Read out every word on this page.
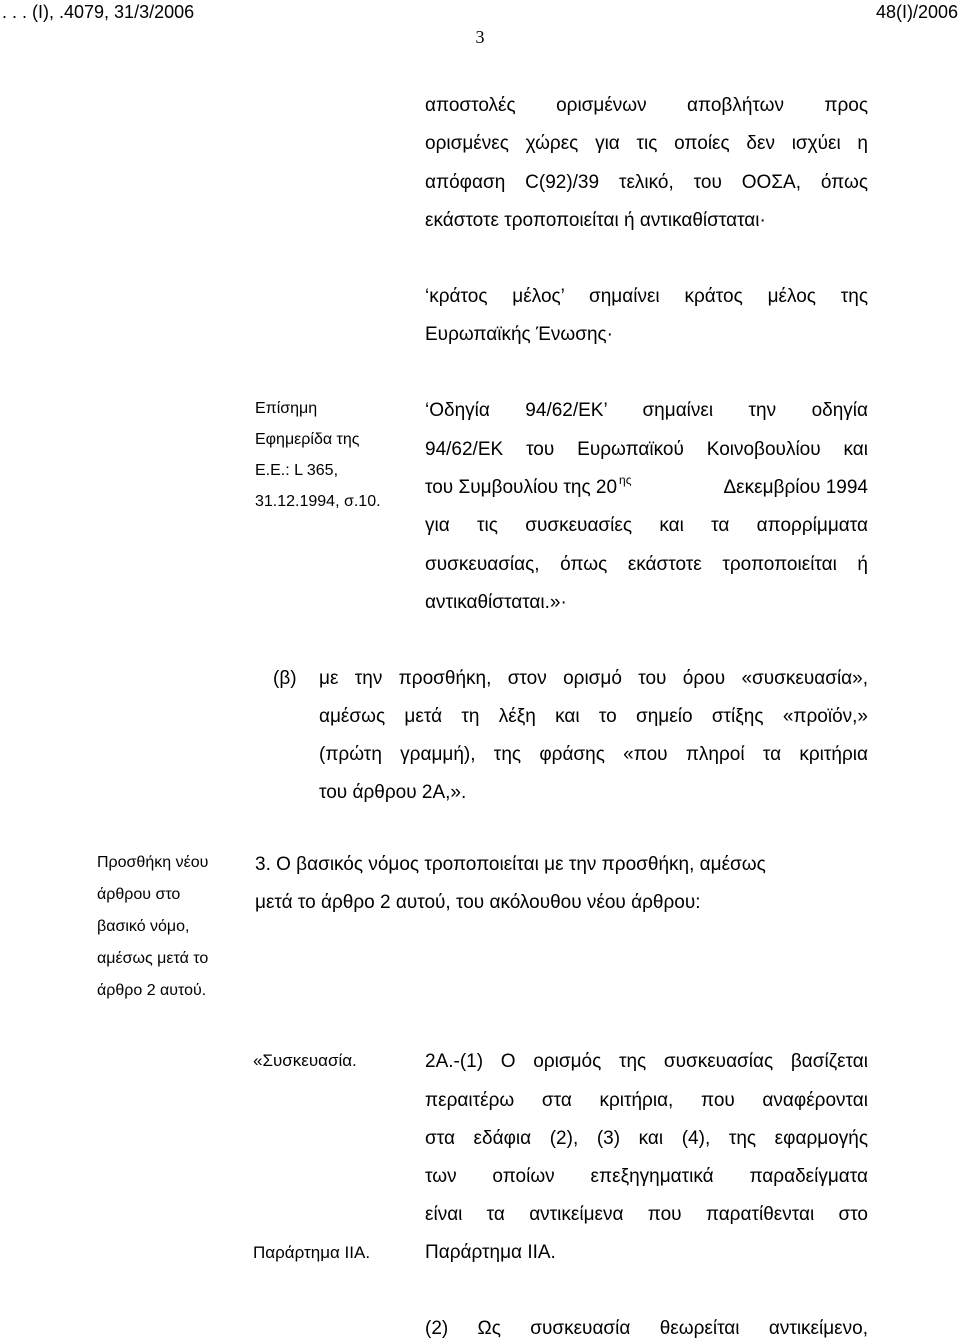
. . . (I), .4079, 31/3/2006	48(I)/2006
3
αποστολές ορισμένων αποβλήτων προς
ορισμένες χώρες για τις οποίες δεν ισχύει η
απόφαση C(92)/39 τελικό, του ΟΟΣΑ, όπως
εκάστοτε τροποποιείται ή αντικαθίσταται·
‘κράτος μέλος’ σημαίνει κράτος μέλος της
Ευρωπαϊκής Ένωσης·
Επίσημη
Εφημερίδα της
Ε.Ε.: L 365,
31.12.1994, σ.10.
‘Οδηγία 94/62/ΕΚ’ σημαίνει την οδηγία
94/62/ΕΚ του Ευρωπαϊκού Κοινοβουλίου και
του Συμβουλίου της 20 $^{\eta\varsigma}$	Δεκεμβρίου 1994
για τις συσκευασίες και τα απορρίμματα
συσκευασίας, όπως εκάστοτε τροποποιείται ή
αντικαθίσταται.»·
(β) με την προσθήκη, στον ορισμό του όρου «συσκευασία»,
αμέσως μετά τη λέξη και το σημείο στίξης «προϊόν,»
(πρώτη γραμμή), της φράσης «που πληροί τα κριτήρια
του άρθρου 2Α,».
Προσθήκη νέου
άρθρου στο
βασικό νόμο,
αμέσως μετά το
άρθρο 2 αυτού.
3. Ο βασικός νόμος τροποποιείται με την προσθήκη, αμέσως
μετά το άρθρο 2 αυτού, του ακόλουθου νέου άρθρου:
«Συσκευασία.
Παράρτημα ΙΙΑ.
2Α.-(1) Ο ορισμός της συσκευασίας βασίζεται
περαιτέρω στα κριτήρια, που αναφέρονται
στα εδάφια (2), (3) και (4), της εφαρμογής
των οποίων επεξηγηματικά παραδείγματα
είναι τα αντικείμενα που παρατίθενται στο
Παράρτημα ΙΙΑ.
(2) Ως συσκευασία θεωρείται αντικείμενο,
